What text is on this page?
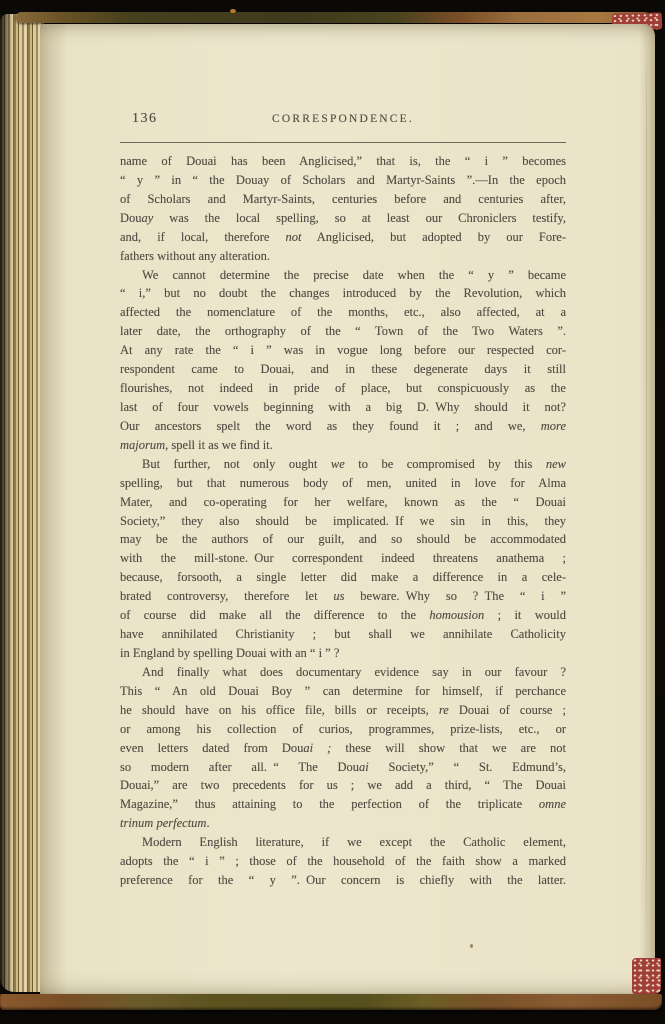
136	CORRESPONDENCE.
name of Douai has been Anglicised,” that is, the “ i ” becomes
“ y ” in “ the Douay of Scholars and Martyr-Saints ”.—In the epoch
of Scholars and Martyr-Saints, centuries before and centuries after,
Douay was the local spelling, so at least our Chroniclers testify,
and, if local, therefore not Anglicised, but adopted by our Fore-
fathers without any alteration.
We cannot determine the precise date when the “ y ” became
“ i,” but no doubt the changes introduced by the Revolution, which
affected the nomenclature of the months, etc., also affected, at a
later date, the orthography of the “ Town of the Two Waters ”.
At any rate the “ i ” was in vogue long before our respected cor-
respondent came to Douai, and in these degenerate days it still
flourishes, not indeed in pride of place, but conspicuously as the
last of four vowels beginning with a big D. Why should it not?
Our ancestors spelt the word as they found it ; and we, more
majorum, spell it as we find it.
But further, not only ought we to be compromised by this new
spelling, but that numerous body of men, united in love for Alma
Mater, and co-operating for her welfare, known as the “ Douai
Society,” they also should be implicated. If we sin in this, they
may be the authors of our guilt, and so should be accommodated
with the mill-stone. Our correspondent indeed threatens anathema ;
because, forsooth, a single letter did make a difference in a cele-
brated controversy, therefore let us beware. Why so ? The “ i ”
of course did make all the difference to the homousion ; it would
have annihilated Christianity ; but shall we annihilate Catholicity
in England by spelling Douai with an “ i ” ?
And finally what does documentary evidence say in our favour ?
This “ An old Douai Boy ” can determine for himself, if perchance
he should have on his office file, bills or receipts, re Douai of course ;
or among his collection of curios, programmes, prize-lists, etc., or
even letters dated from Douai ; these will show that we are not
so modern after all. “ The Douai Society,” “ St. Edmund’s,
Douai,” are two precedents for us ; we add a third, “ The Douai
Magazine,” thus attaining to the perfection of the triplicate omne
trinum perfectum.
Modern English literature, if we except the Catholic element,
adopts the “ i ” ; those of the household of the faith show a marked
preference for the “ y ”. Our concern is chiefly with the latter.
